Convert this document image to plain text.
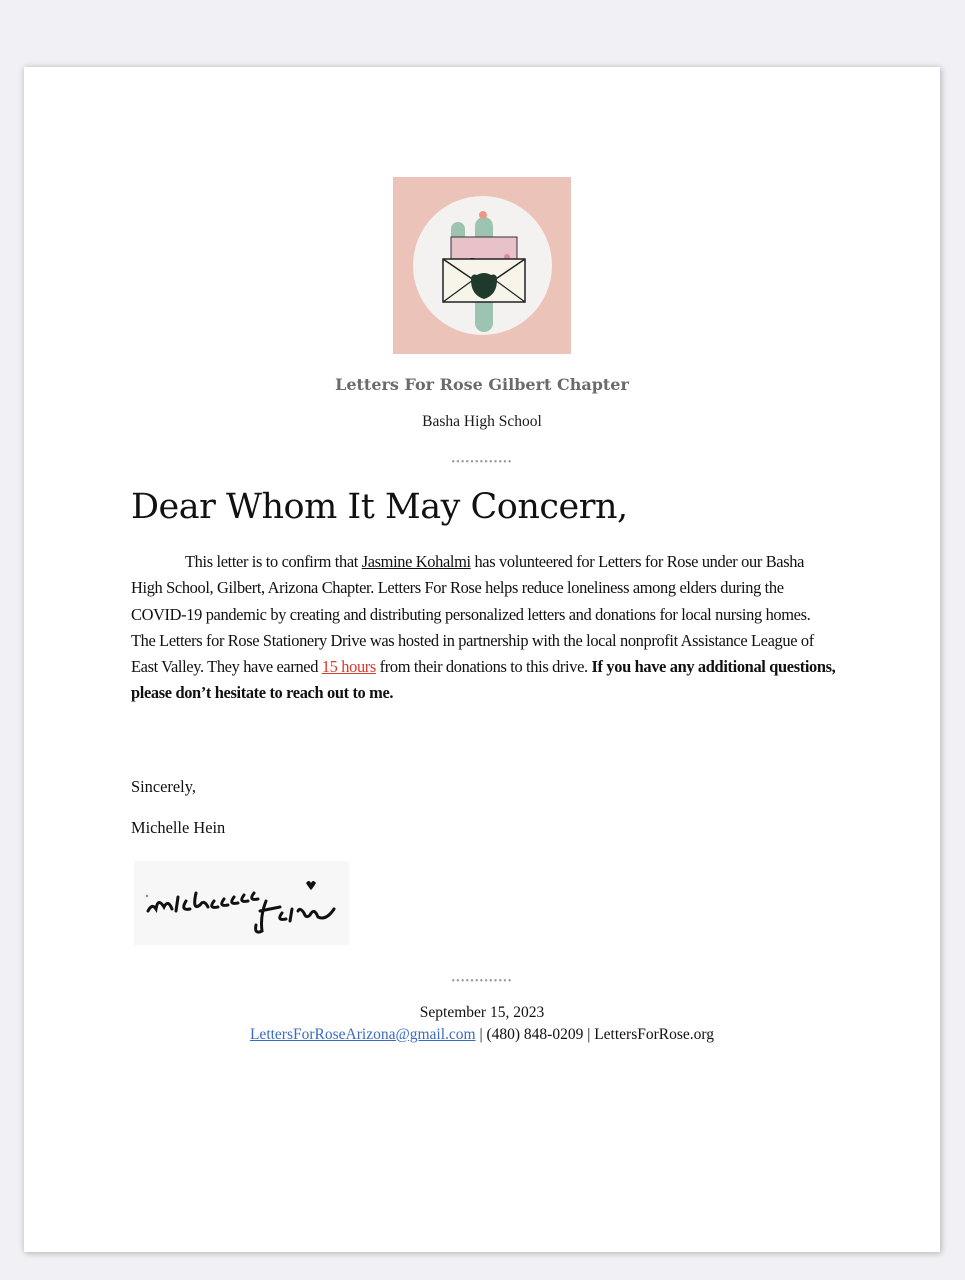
Letters For Rose Gilbert Chapter
Basha High School
•••••••••••••
Dear Whom It May Concern,
This letter is to confirm that Jasmine Kohalmi has volunteered for Letters for Rose under our Basha High School, Gilbert, Arizona Chapter. Letters For Rose helps reduce loneliness among elders during the COVID-19 pandemic by creating and distributing personalized letters and donations for local nursing homes. The Letters for Rose Stationery Drive was hosted in partnership with the local nonprofit Assistance League of East Valley. They have earned 15 hours from their donations to this drive. If you have any additional questions, please don’t hesitate to reach out to me.
Sincerely,
Michelle Hein
•••••••••••••
September 15, 2023
LettersForRoseArizona@gmail.com | (480) 848-0209 | LettersForRose.org
